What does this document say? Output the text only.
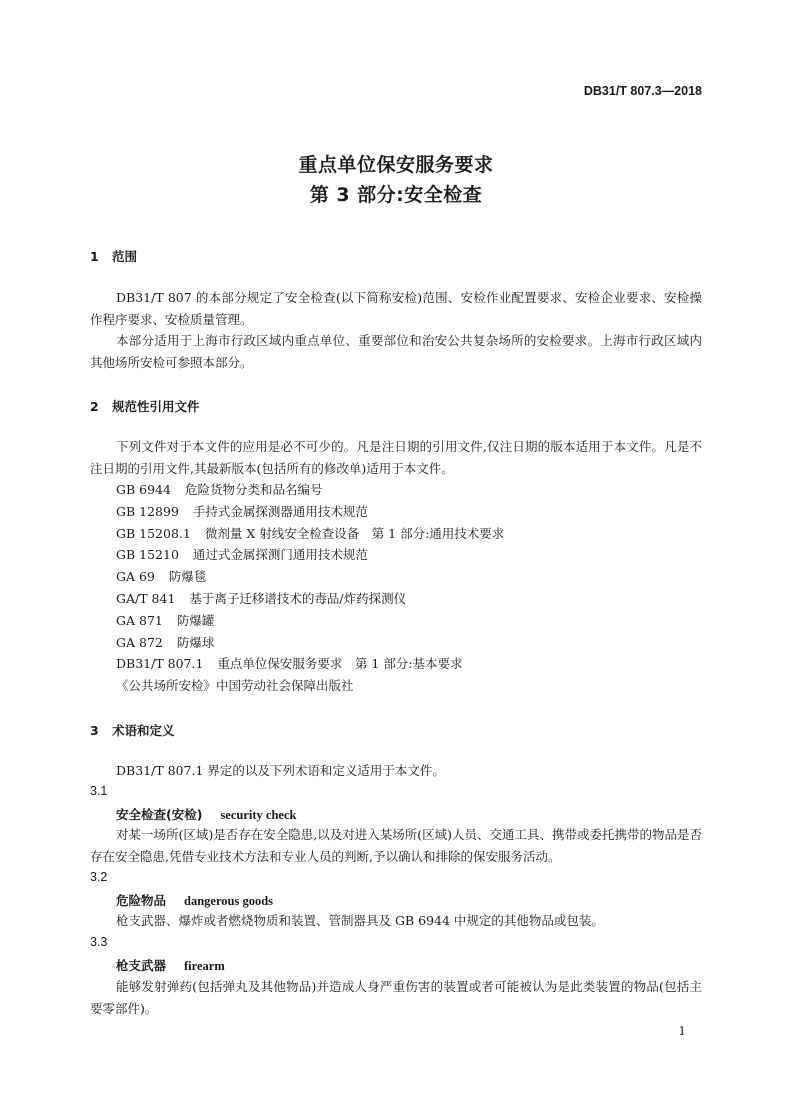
DB31/T 807.3—2018
重点单位保安服务要求
第 3 部分:安全检查
1 范围
DB31/T 807 的本部分规定了安全检查(以下简称安检)范围、安检作业配置要求、安检企业要求、安检操作程序要求、安检质量管理。
本部分适用于上海市行政区域内重点单位、重要部位和治安公共复杂场所的安检要求。上海市行政区域内其他场所安检可参照本部分。
2 规范性引用文件
下列文件对于本文件的应用是必不可少的。凡是注日期的引用文件,仅注日期的版本适用于本文件。凡是不注日期的引用文件,其最新版本(包括所有的修改单)适用于本文件。
GB 6944 危险货物分类和品名编号
GB 12899 手持式金属探测器通用技术规范
GB 15208.1 微剂量 X 射线安全检查设备　第 1 部分:通用技术要求
GB 15210 通过式金属探测门通用技术规范
GA 69 防爆毯
GA/T 841 基于离子迁移谱技术的毒品/炸药探测仪
GA 871 防爆罐
GA 872 防爆球
DB31/T 807.1 重点单位保安服务要求　第 1 部分:基本要求
《公共场所安检》中国劳动社会保障出版社
3 术语和定义
DB31/T 807.1 界定的以及下列术语和定义适用于本文件。
3.1
安全检查(安检) security check
对某一场所(区域)是否存在安全隐患,以及对进入某场所(区域)人员、交通工具、携带或委托携带的物品是否存在安全隐患,凭借专业技术方法和专业人员的判断,予以确认和排除的保安服务活动。
3.2
危险物品 dangerous goods
枪支武器、爆炸或者燃烧物质和装置、管制器具及 GB 6944 中规定的其他物品或包装。
3.3
枪支武器 firearm
能够发射弹药(包括弹丸及其他物品)并造成人身严重伤害的装置或者可能被认为是此类装置的物品(包括主要零部件)。
1
